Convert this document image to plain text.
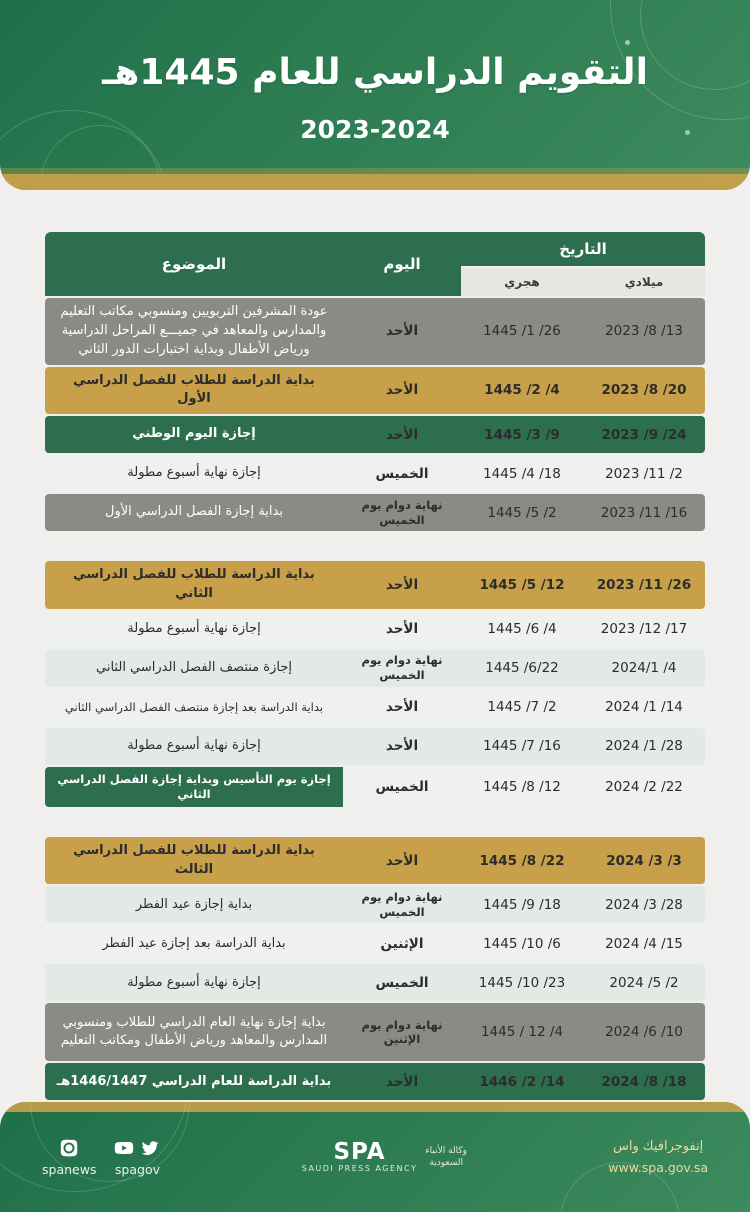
التقويم الدراسي للعام 1445هـ
2023-2024
التاريخ		اليوم	الموضوع
ميلادي	هجري		
2023 /8 /13	1445 /1 /26	الأحد	عودة المشرفين التربويين ومنسوبي مكاتب التعليم والمدارس والمعاهد في جميـــع المراحل الدراسية ورياض الأطفال وبداية اختبارات الدور الثاني
2023 /8 /20	1445 /2 /4	الأحد	بداية الدراسة للطلاب للفصل الدراسي الأول
2023 /9 /24	1445 /3 /9	الأحد	إجازة اليوم الوطني
2023 /11 /2	1445 /4 /18	الخميس	إجازة نهاية أسبوع مطولة
2023 /11 /16	1445 /5 /2	نهاية دوام يوم الخميس	بداية إجازة الفصل الدراسي الأول
2023 /11 /26	1445 /5 /12	الأحد	بداية الدراسة للطلاب للفصل الدراسي الثاني
2023 /12 /17	1445 /6 /4	الأحد	إجازة نهاية أسبوع مطولة
2024/1 /4	1445 /6/22	نهاية دوام يوم الخميس	إجازة منتصف الفصل الدراسي الثاني
2024 /1 /14	1445 /7 /2	الأحد	بداية الدراسة بعد إجازة منتصف الفصل الدراسي الثاني
2024 /1 /28	1445 /7 /16	الأحد	إجازة نهاية أسبوع مطولة
2024 /2 /22	1445 /8 /12	الخميس	إجازة يوم التأسيس وبداية إجازة الفصل الدراسي الثاني
2024 /3 /3	1445 /8 /22	الأحد	بداية الدراسة للطلاب للفصل الدراسي الثالث
2024 /3 /28	1445 /9 /18	نهاية دوام يوم الخميس	بداية إجازة عيد الفطر
2024 /4 /15	1445 /10 /6	الإثنين	بداية الدراسة بعد إجازة عيد الفطر
2024 /5 /2	1445 /10 /23	الخميس	إجازة نهاية أسبوع مطولة
2024 /6 /10	1445 / 12 /4	نهاية دوام يوم الإثنين	بداية إجازة نهاية العام الدراسي للطلاب ومنسوبي المدارس والمعاهد ورياض الأطفال ومكاتب التعليم
2024 /8 /18	1446 /2 /14	الأحد	بداية الدراسة للعام الدراسي 1446/1447هـ
إنفوجرافيك واس
www.spa.gov.sa
وكالة الأنباء
السعودية
SPA
SAUDI PRESS AGENCY
spagov
spanews
